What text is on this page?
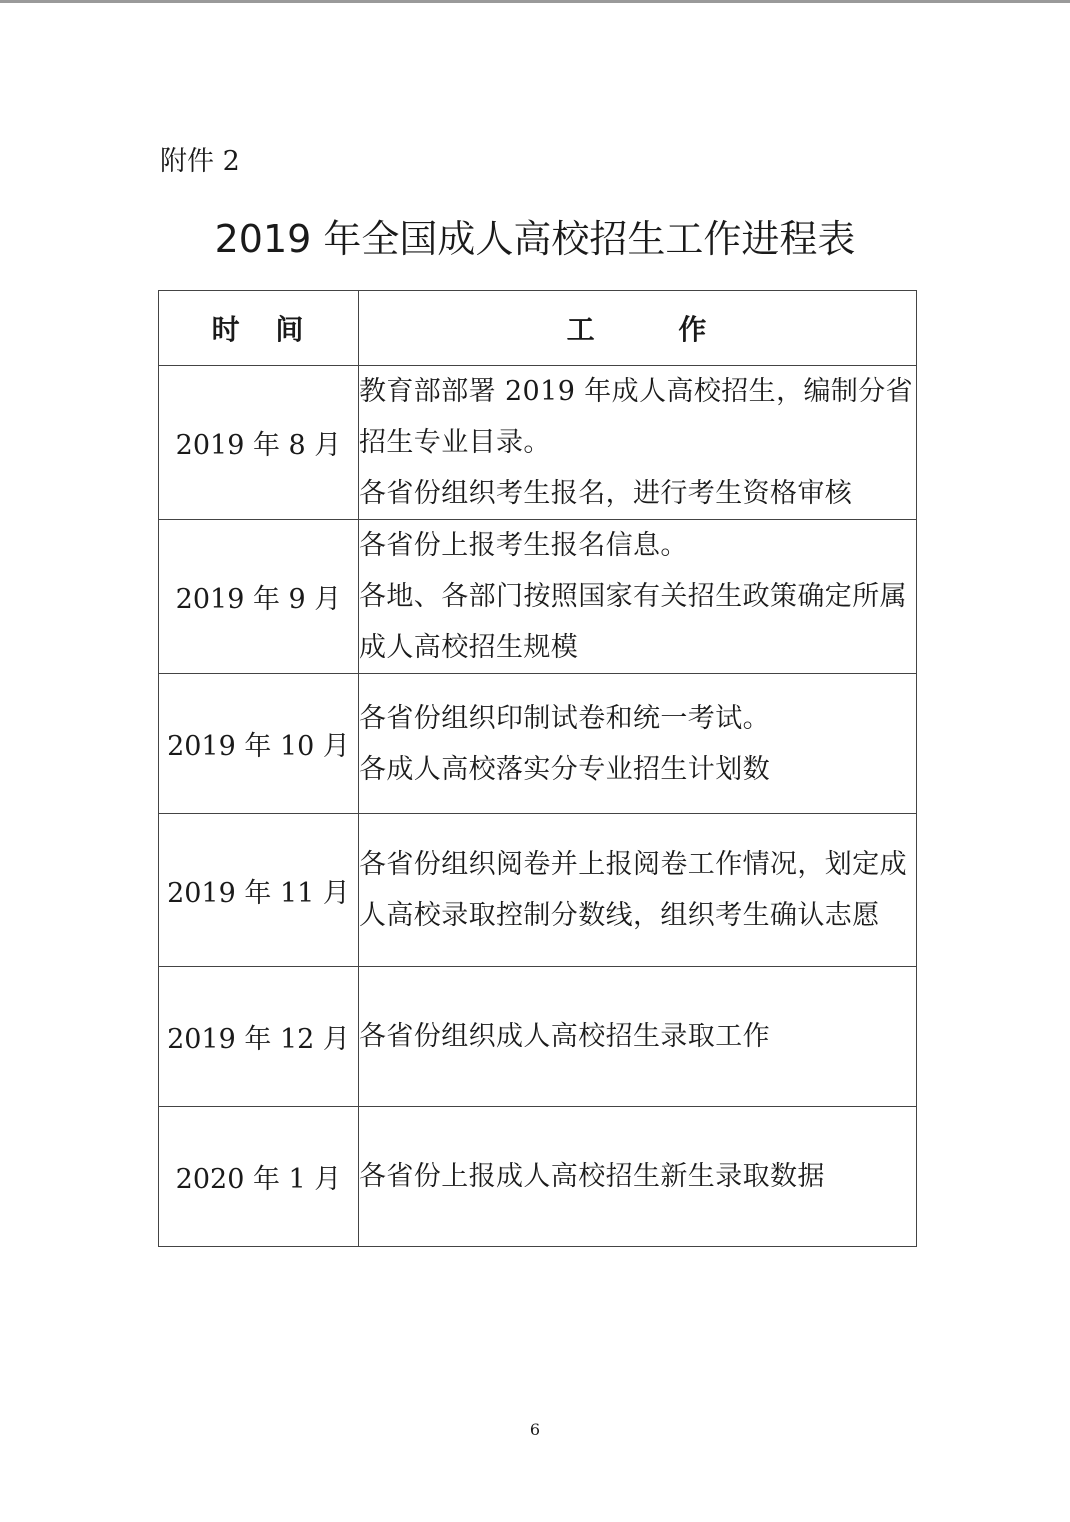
附件 2
2019 年全国成人高校招生工作进程表
时 间	工 作
2019 年 8 月	教育部部署 2019 年成人高校招生，编制分省招生专业目录。
各省份组织考生报名，进行考生资格审核

2019 年 9 月	各省份上报考生报名信息。
各地、各部门按照国家有关招生政策确定所属成人高校招生规模

2019 年 10 月	各省份组织印制试卷和统一考试。
各成人高校落实分专业招生计划数

2019 年 11 月	各省份组织阅卷并上报阅卷工作情况，划定成人高校录取控制分数线，组织考生确认志愿

2019 年 12 月	各省份组织成人高校招生录取工作

2020 年 1 月	各省份上报成人高校招生新生录取数据
6
